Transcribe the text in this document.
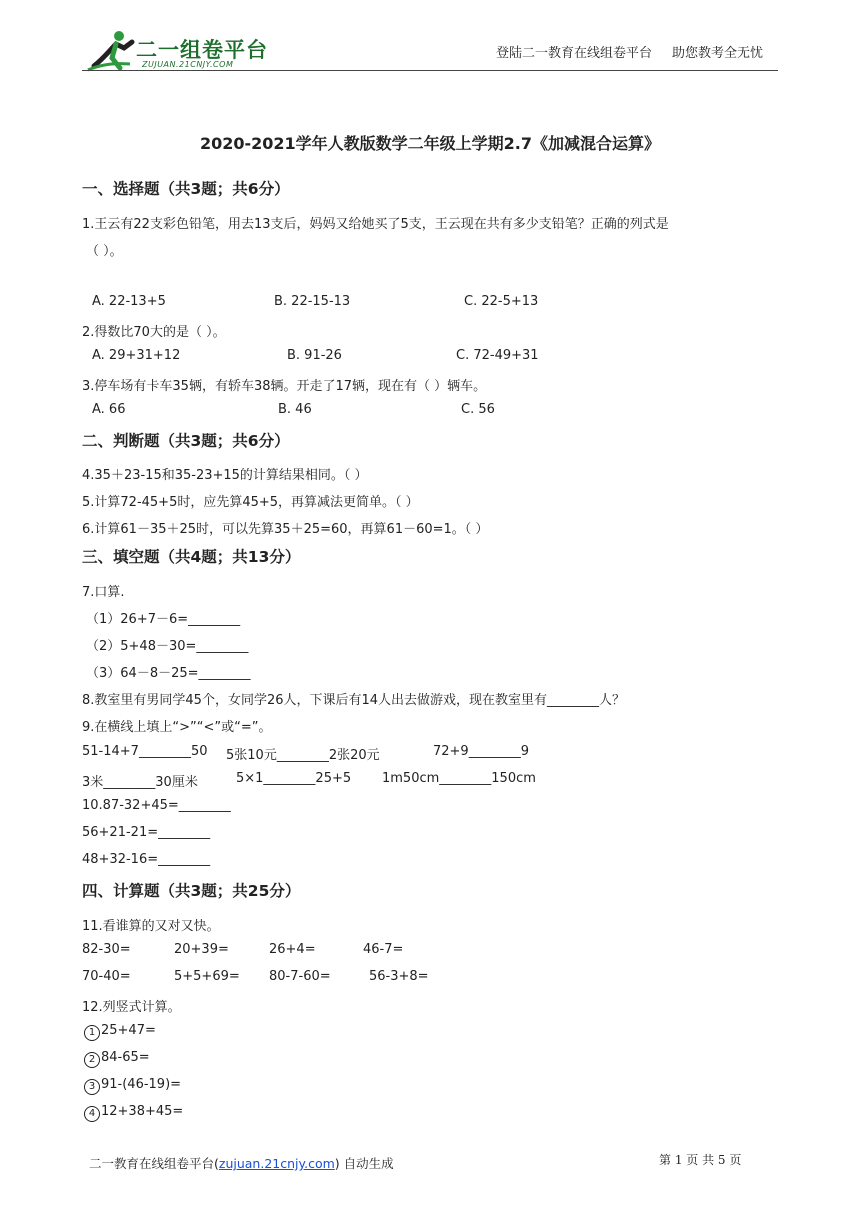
二一组卷平台
ZUJUAN.21CNJY.COM
登陆二一教育在线组卷平台 助您教考全无忧
2020-2021学年人教版数学二年级上学期2.7《加减混合运算》
一、选择题（共3题；共6分）
1.王云有22支彩色铅笔，用去13支后，妈妈又给她买了5支，王云现在共有多少支铅笔？正确的列式是
（ ）。
A. 22-13+5	B. 22-15-13	C. 22-5+13
2.得数比70大的是（ ）。
A. 29+31+12	B. 91-26	C. 72-49+31
3.停车场有卡车35辆，有轿车38辆。开走了17辆，现在有（ ）辆车。
A. 66	B. 46	C. 56
二、判断题（共3题；共6分）
4.35＋23-15和35-23+15的计算结果相同。（ ）
5.计算72-45+5时，应先算45+5，再算减法更简单。（ ）
6.计算61－35＋25时，可以先算35＋25=60，再算61－60=1。（ ）
三、填空题（共4题；共13分）
7.口算.
（1）26+7－6=________
（2）5+48－30=________
（3）64－8－25=________
8.教室里有男同学45个，女同学26人，下课后有14人出去做游戏，现在教室里有________人？
9.在横线上填上“>”“<”或“=”。
51-14+7________50 5张10元________2张20元	72+9________9
3米________30厘米	5×1________25+5 1m50cm________150cm
10.87-32+45=________
56+21-21=________
48+32-16=________
四、计算题（共3题；共25分）
11.看谁算的又对又快。
82-30=	20+39=	26+4=	46-7=
70-40=	5+5+69= 80-7-60=	56-3+8=
12.列竖式计算。
1 25+47=
2 84-65=
3 91-(46-19)=
4 12+38+45=
二一教育在线组卷平台(zujuan.21cnjy.com) 自动生成	第 1 页 共 5 页
